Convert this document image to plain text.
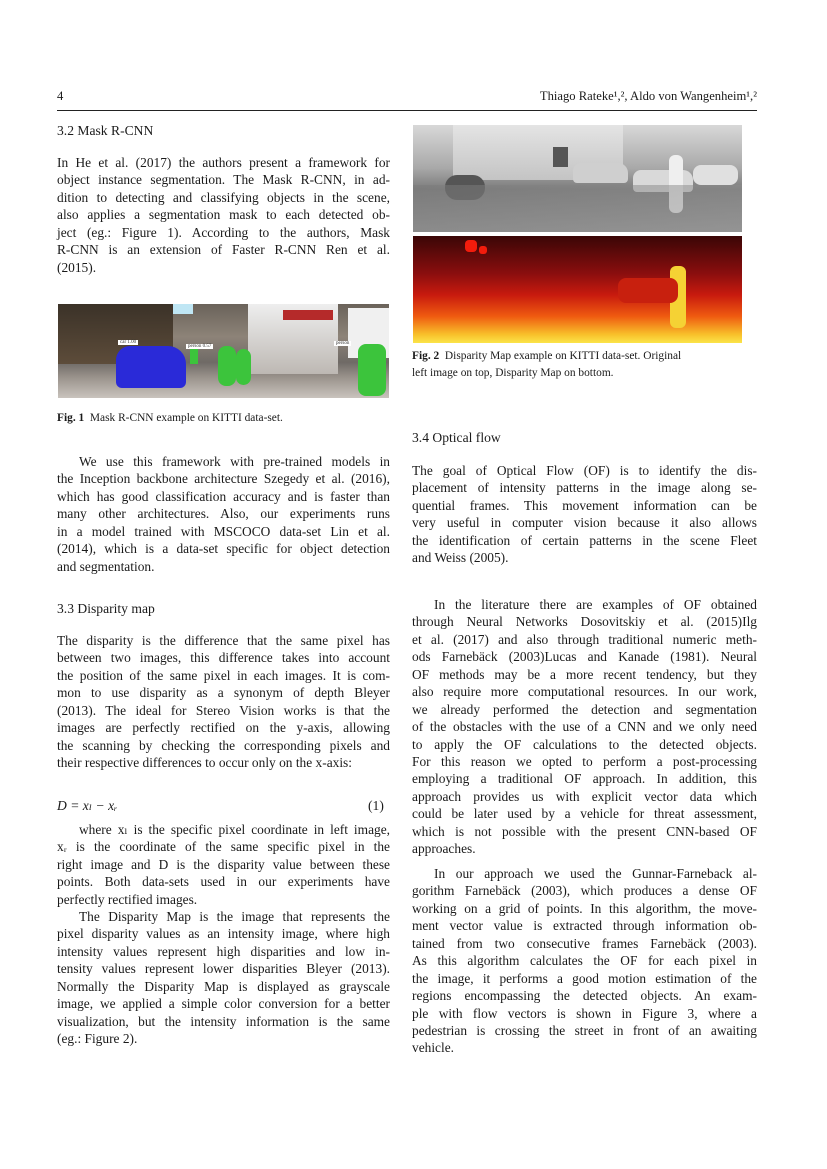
4	Thiago Rateke¹,², Aldo von Wangenheim¹,²
3.2 Mask R-CNN
In He et al. (2017) the authors present a framework for
object instance segmentation. The Mask R-CNN, in ad-
dition to detecting and classifying objects in the scene,
also applies a segmentation mask to each detected ob-
ject (eg.: Figure 1). According to the authors, Mask
R-CNN is an extension of Faster R-CNN Ren et al.
(2015).
car 1.00
person 0.57
person
Fig. 1 Mask R-CNN example on KITTI data-set.
We use this framework with pre-trained models in
the Inception backbone architecture Szegedy et al. (2016),
which has good classification accuracy and is faster than
many other architectures. Also, our experiments runs
in a model trained with MSCOCO data-set Lin et al.
(2014), which is a data-set specific for object detection
and segmentation.
3.3 Disparity map
The disparity is the difference that the same pixel has
between two images, this difference takes into account
the position of the same pixel in each images. It is com-
mon to use disparity as a synonym of depth Bleyer
(2013). The ideal for Stereo Vision works is that the
images are perfectly rectified on the y-axis, allowing
the scanning by checking the corresponding pixels and
their respective differences to occur only on the x-axis:
D = xₗ − xᵣ	(1)
where xₗ is the specific pixel coordinate in left image,
xᵣ is the coordinate of the same specific pixel in the
right image and D is the disparity value between these
points. Both data-sets used in our experiments have
perfectly rectified images.
The Disparity Map is the image that represents the
pixel disparity values as an intensity image, where high
intensity values represent high disparities and low in-
tensity values represent lower disparities Bleyer (2013).
Normally the Disparity Map is displayed as grayscale
image, we applied a simple color conversion for a better
visualization, but the intensity information is the same
(eg.: Figure 2).
Fig. 2 Disparity Map example on KITTI data-set. Original
left image on top, Disparity Map on bottom.
3.4 Optical flow
The goal of Optical Flow (OF) is to identify the dis-
placement of intensity patterns in the image along se-
quential frames. This movement information can be
very useful in computer vision because it also allows
the identification of certain patterns in the scene Fleet
and Weiss (2005).
In the literature there are examples of OF obtained
through Neural Networks Dosovitskiy et al. (2015)Ilg
et al. (2017) and also through traditional numeric meth-
ods Farnebäck (2003)Lucas and Kanade (1981). Neural
OF methods may be a more recent tendency, but they
also require more computational resources. In our work,
we already performed the detection and segmentation
of the obstacles with the use of a CNN and we only need
to apply the OF calculations to the detected objects.
For this reason we opted to perform a post-processing
employing a traditional OF approach. In addition, this
approach provides us with explicit vector data which
could be later used by a vehicle for threat assessment,
which is not possible with the present CNN-based OF
approaches.
In our approach we used the Gunnar-Farneback al-
gorithm Farnebäck (2003), which produces a dense OF
working on a grid of points. In this algorithm, the move-
ment vector value is extracted through information ob-
tained from two consecutive frames Farnebäck (2003).
As this algorithm calculates the OF for each pixel in
the image, it performs a good motion estimation of the
regions encompassing the detected objects. An exam-
ple with flow vectors is shown in Figure 3, where a
pedestrian is crossing the street in front of an awaiting
vehicle.
